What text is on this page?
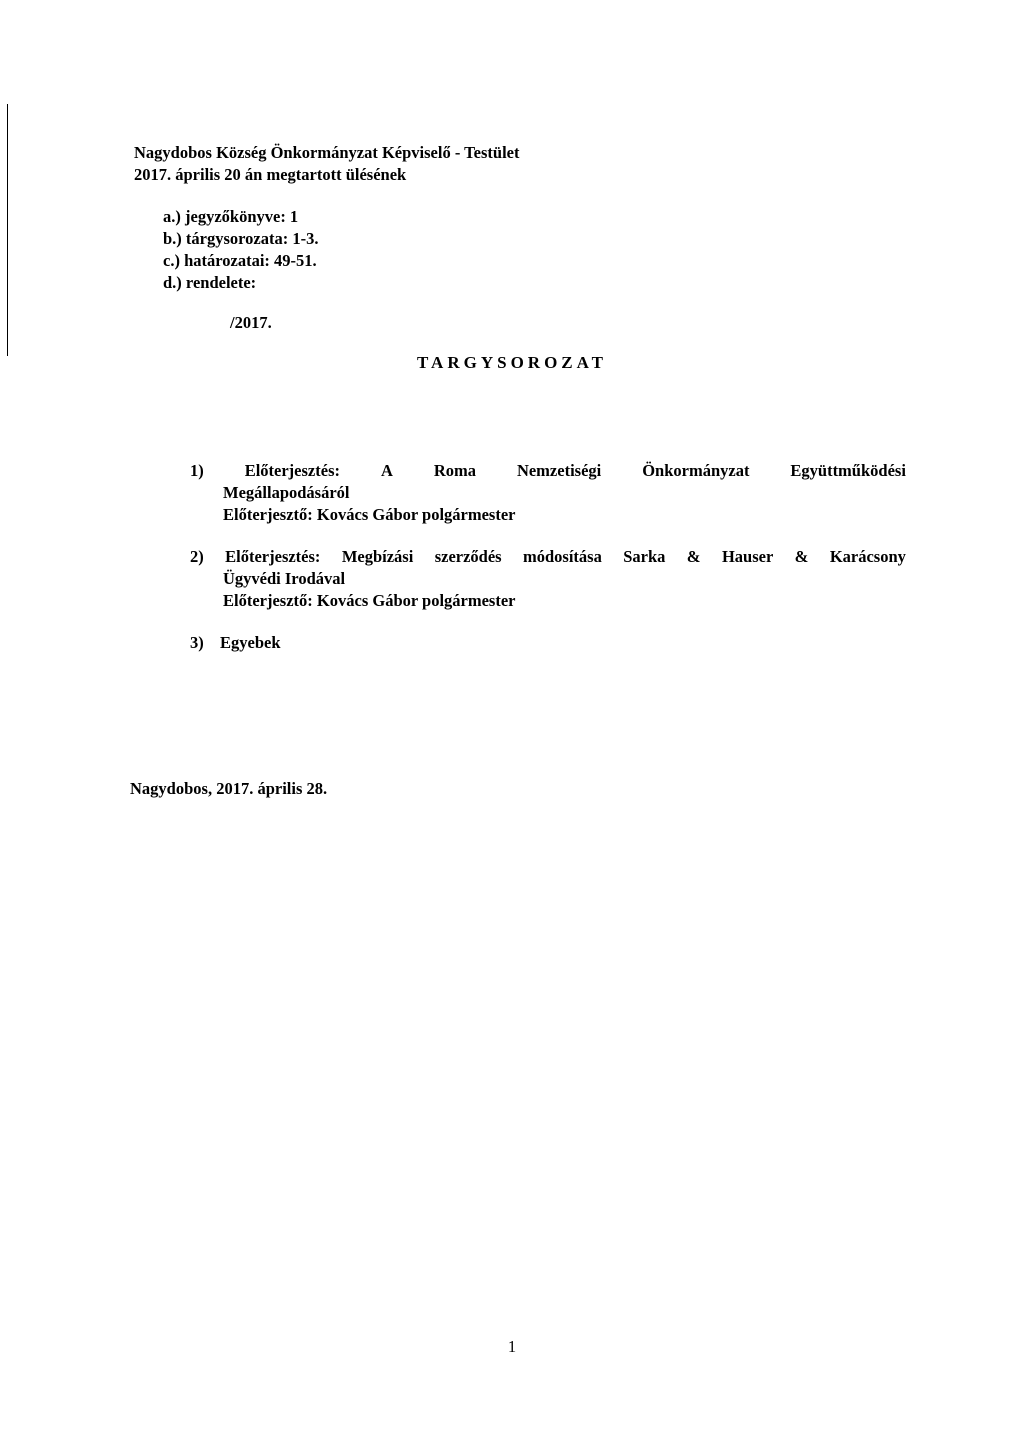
Nagydobos Község Önkormányzat Képviselő - Testület
2017. április 20 án megtartott ülésének
a.) jegyzőkönyve: 1
b.) tárgysorozata: 1-3.
c.) határozatai: 49-51.
d.) rendelete:
/2017.
TARGYSOROZAT
1) Előterjesztés: A Roma Nemzetiségi Önkormányzat Együttműködési
Megállapodásáról
Előterjesztő: Kovács Gábor polgármester
2) Előterjesztés: Megbízási szerződés módosítása Sarka & Hauser & Karácsony
Ügyvédi Irodával
Előterjesztő: Kovács Gábor polgármester
3) Egyebek
Nagydobos, 2017. április 28.
1
